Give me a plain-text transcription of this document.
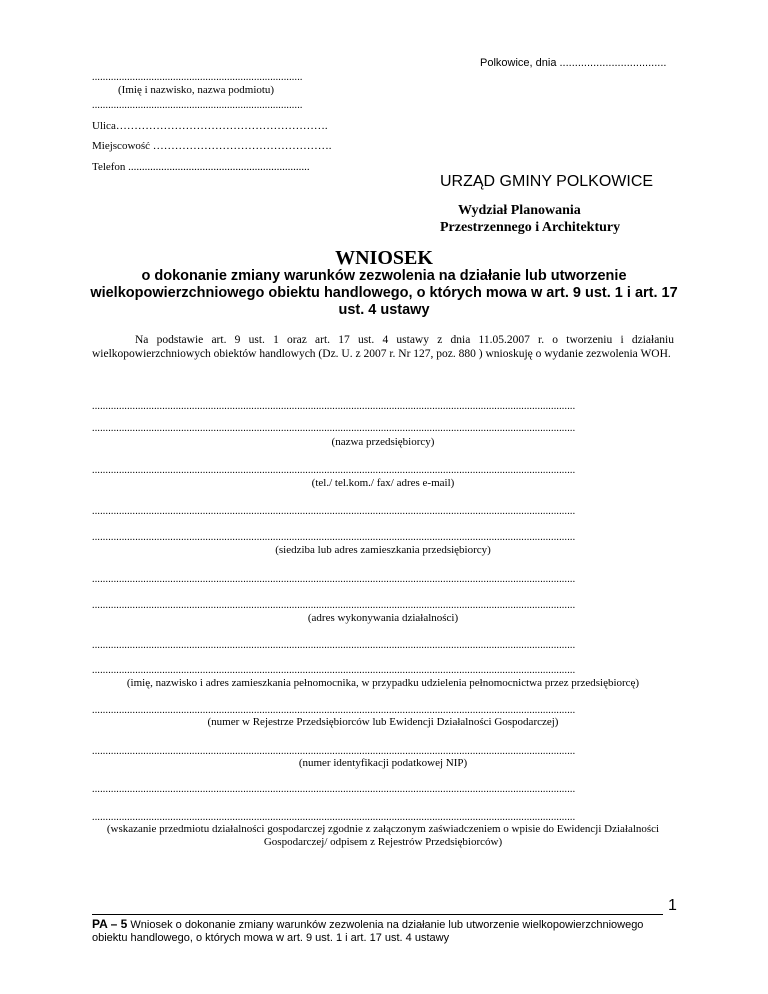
Polkowice, dnia ...................................
..............................................................................
(Imię i nazwisko, nazwa podmiotu)
..............................................................................
Ulica………………………………………………….
Miejscowość ………………………………………….
Telefon ..................................................................
URZĄD GMINY POLKOWICE
Wydział Planowania
Przestrzennego i Architektury
WNIOSEK
o dokonanie zmiany warunków zezwolenia na działanie lub utworzenie wielkopowierzchniowego obiektu handlowego, o których mowa w art. 9 ust. 1 i art. 17 ust. 4 ustawy
Na podstawie art. 9 ust. 1 oraz art. 17 ust. 4 ustawy z dnia 11.05.2007 r. o tworzeniu i działaniu wielkopowierzchniowych obiektów handlowych (Dz. U. z 2007 r. Nr 127, poz. 880 ) wnioskuję o wydanie zezwolenia WOH.
...................................................................................................................................................................................
...................................................................................................................................................................................
(nazwa przedsiębiorcy)
...................................................................................................................................................................................
(tel./ tel.kom./ fax/ adres e-mail)
...................................................................................................................................................................................
...................................................................................................................................................................................
(siedziba lub adres zamieszkania przedsiębiorcy)
...................................................................................................................................................................................
...................................................................................................................................................................................
(adres wykonywania działalności)
...................................................................................................................................................................................
...................................................................................................................................................................................
(imię, nazwisko i adres zamieszkania pełnomocnika, w przypadku udzielenia pełnomocnictwa przez przedsiębiorcę)
...................................................................................................................................................................................
(numer w Rejestrze Przedsiębiorców lub Ewidencji Działalności Gospodarczej)
...................................................................................................................................................................................
(numer identyfikacji podatkowej NIP)
...................................................................................................................................................................................
...................................................................................................................................................................................
(wskazanie przedmiotu działalności gospodarczej zgodnie z załączonym zaświadczeniem o wpisie do Ewidencji Działalności Gospodarczej/ odpisem z Rejestrów Przedsiębiorców)
1
PA – 5 Wniosek o dokonanie zmiany warunków zezwolenia na działanie lub utworzenie wielkopowierzchniowego obiektu handlowego, o których mowa w art. 9 ust. 1 i art. 17 ust. 4 ustawy
